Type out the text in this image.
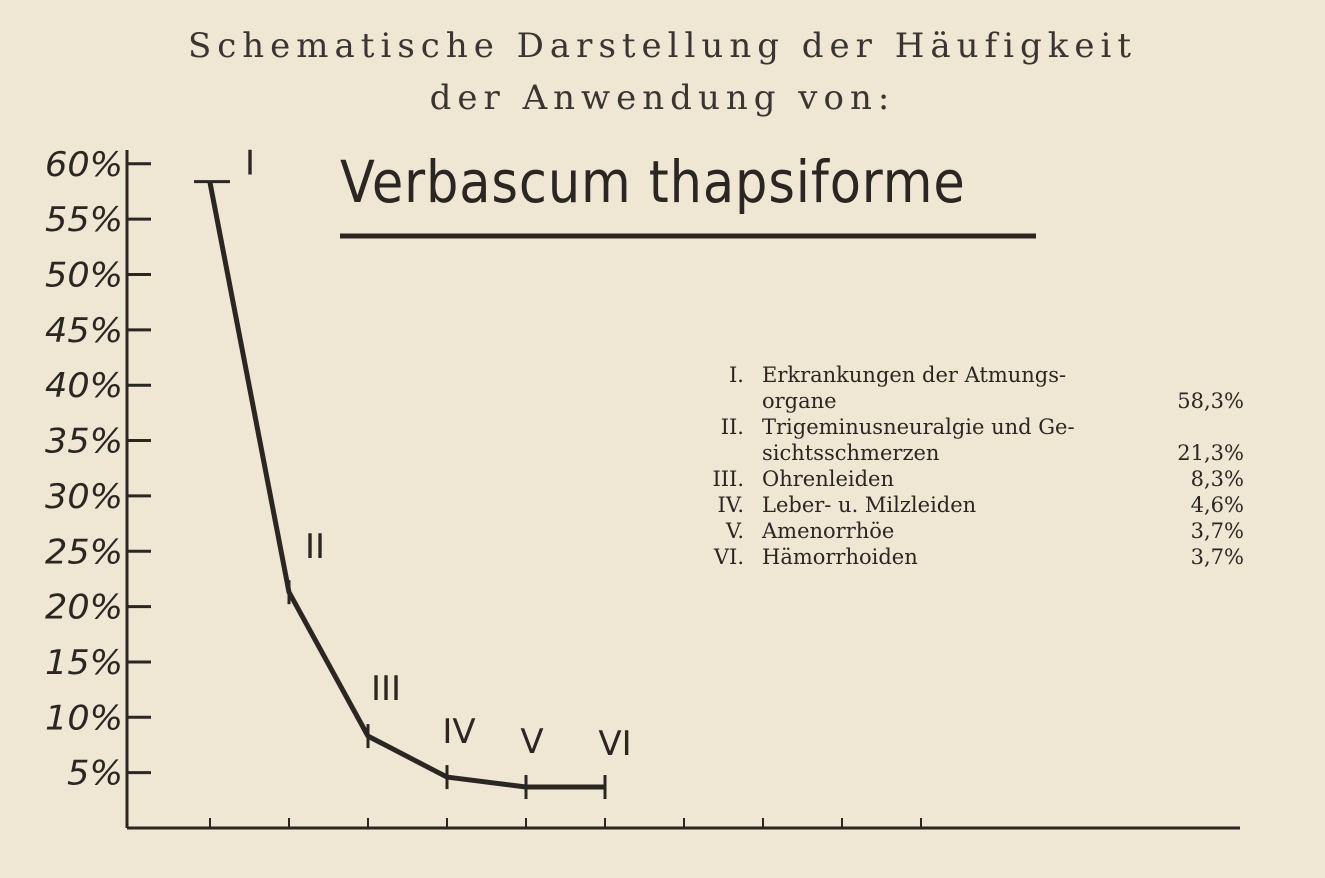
Schematische Darstellung der Häufigkeit
der Anwendung von:
Verbascum thapsiforme
60%
55%
50%
45%
40%
35%
30%
25%
20%
15%
10%
5%
I
II
III
IV V VI
I. Erkrankungen der Atmungs-
organe	58,3%
II. Trigeminusneuralgie und Ge-
sichtsschmerzen	21,3%
III. Ohrenleiden	8,3%
IV. Leber- u. Milzleiden	4,6%
V. Amenorrhöe	3,7%
VI. Hämorrhoiden	3,7%
